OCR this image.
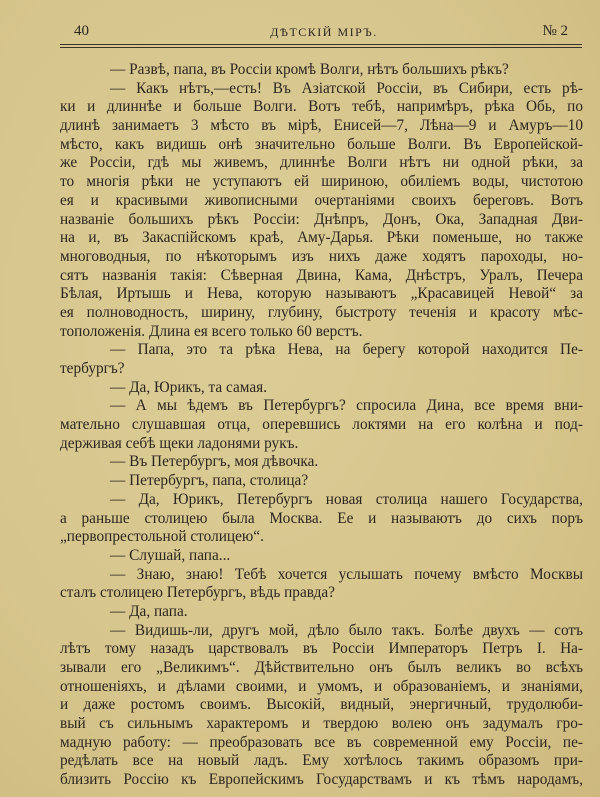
40	ДѢТСКІЙ МІРЪ.	№ 2
— Развѣ, папа, въ Россіи кромѣ Волги, нѣтъ большихъ рѣкъ?
— Какъ нѣтъ,—есть! Въ Азіатской Россіи, въ Сибири, есть рѣ-
ки и длиннѣе и больше Волги. Вотъ тебѣ, напримѣръ, рѣка Обь, по
длинѣ занимаетъ 3 мѣсто въ мірѣ, Енисей—7, Лѣна—9 и Амуръ—10
мѣсто, какъ видишь онѣ значительно больше Волги. Въ Европейской-
же Россіи, гдѣ мы живемъ, длиннѣе Волги нѣтъ ни одной рѣки, за
то многія рѣки не уступаютъ ей шириною, обиліемъ воды, чистотою
ея и красивыми живописными очертаніями своихъ береговъ. Вотъ
названіе большихъ рѣкъ Россіи: Днѣпръ, Донъ, Ока, Западная Дви-
на и, въ Закаспійскомъ краѣ, Аму-Дарья. Рѣки поменьше, но также
многоводныя, по нѣкоторымъ изъ нихъ даже ходятъ пароходы, но-
сятъ названія такія: Сѣверная Двина, Кама, Днѣстръ, Уралъ, Печера
Бѣлая, Иртышь и Нева, которую называютъ „Красавицей Невой“ за
ея полноводность, ширину, глубину, быстроту теченія и красоту мѣс-
тоположенія. Длина ея всего только 60 верстъ.
— Папа, это та рѣка Нева, на берегу которой находится Пе-
тербургъ?
— Да, Юрикъ, та самая.
— А мы ѣдемъ въ Петербургъ? спросила Дина, все время вни-
мательно слушавшая отца, оперевшись локтями на его колѣна и под-
держивая себѣ щеки ладонями рукъ.
— Въ Петербургъ, моя дѣвочка.
— Петербургъ, папа, столица?
— Да, Юрикъ, Петербургъ новая столица нашего Государства,
а раньше столицею была Москва. Ее и называютъ до сихъ поръ
„первопрестольной столицею“.
— Слушай, папа...
— Знаю, знаю! Тебѣ хочется услышать почему вмѣсто Москвы
сталъ столицею Петербургъ, вѣдь правда?
— Да, папа.
— Видишь-ли, другъ мой, дѣло было такъ. Болѣе двухъ — сотъ
лѣтъ тому назадъ царствовалъ въ Россіи Императоръ Петръ I. На-
зывали его „Великимъ“. Дѣйствительно онъ былъ великъ во всѣхъ
отношеніяхъ, и дѣлами своими, и умомъ, и образованіемъ, и знаніями,
и даже ростомъ своимъ. Высокій, видный, энергичный, трудолюби-
вый съ сильнымъ характеромъ и твердою волею онъ задумалъ гро-
мадную работу: — преобразовать все въ современной ему Россіи, пе-
редѣлать все на новый ладъ. Ему хотѣлось такимъ образомъ при-
близить Россію къ Европейскимъ Государствамъ и къ тѣмъ народамъ,
